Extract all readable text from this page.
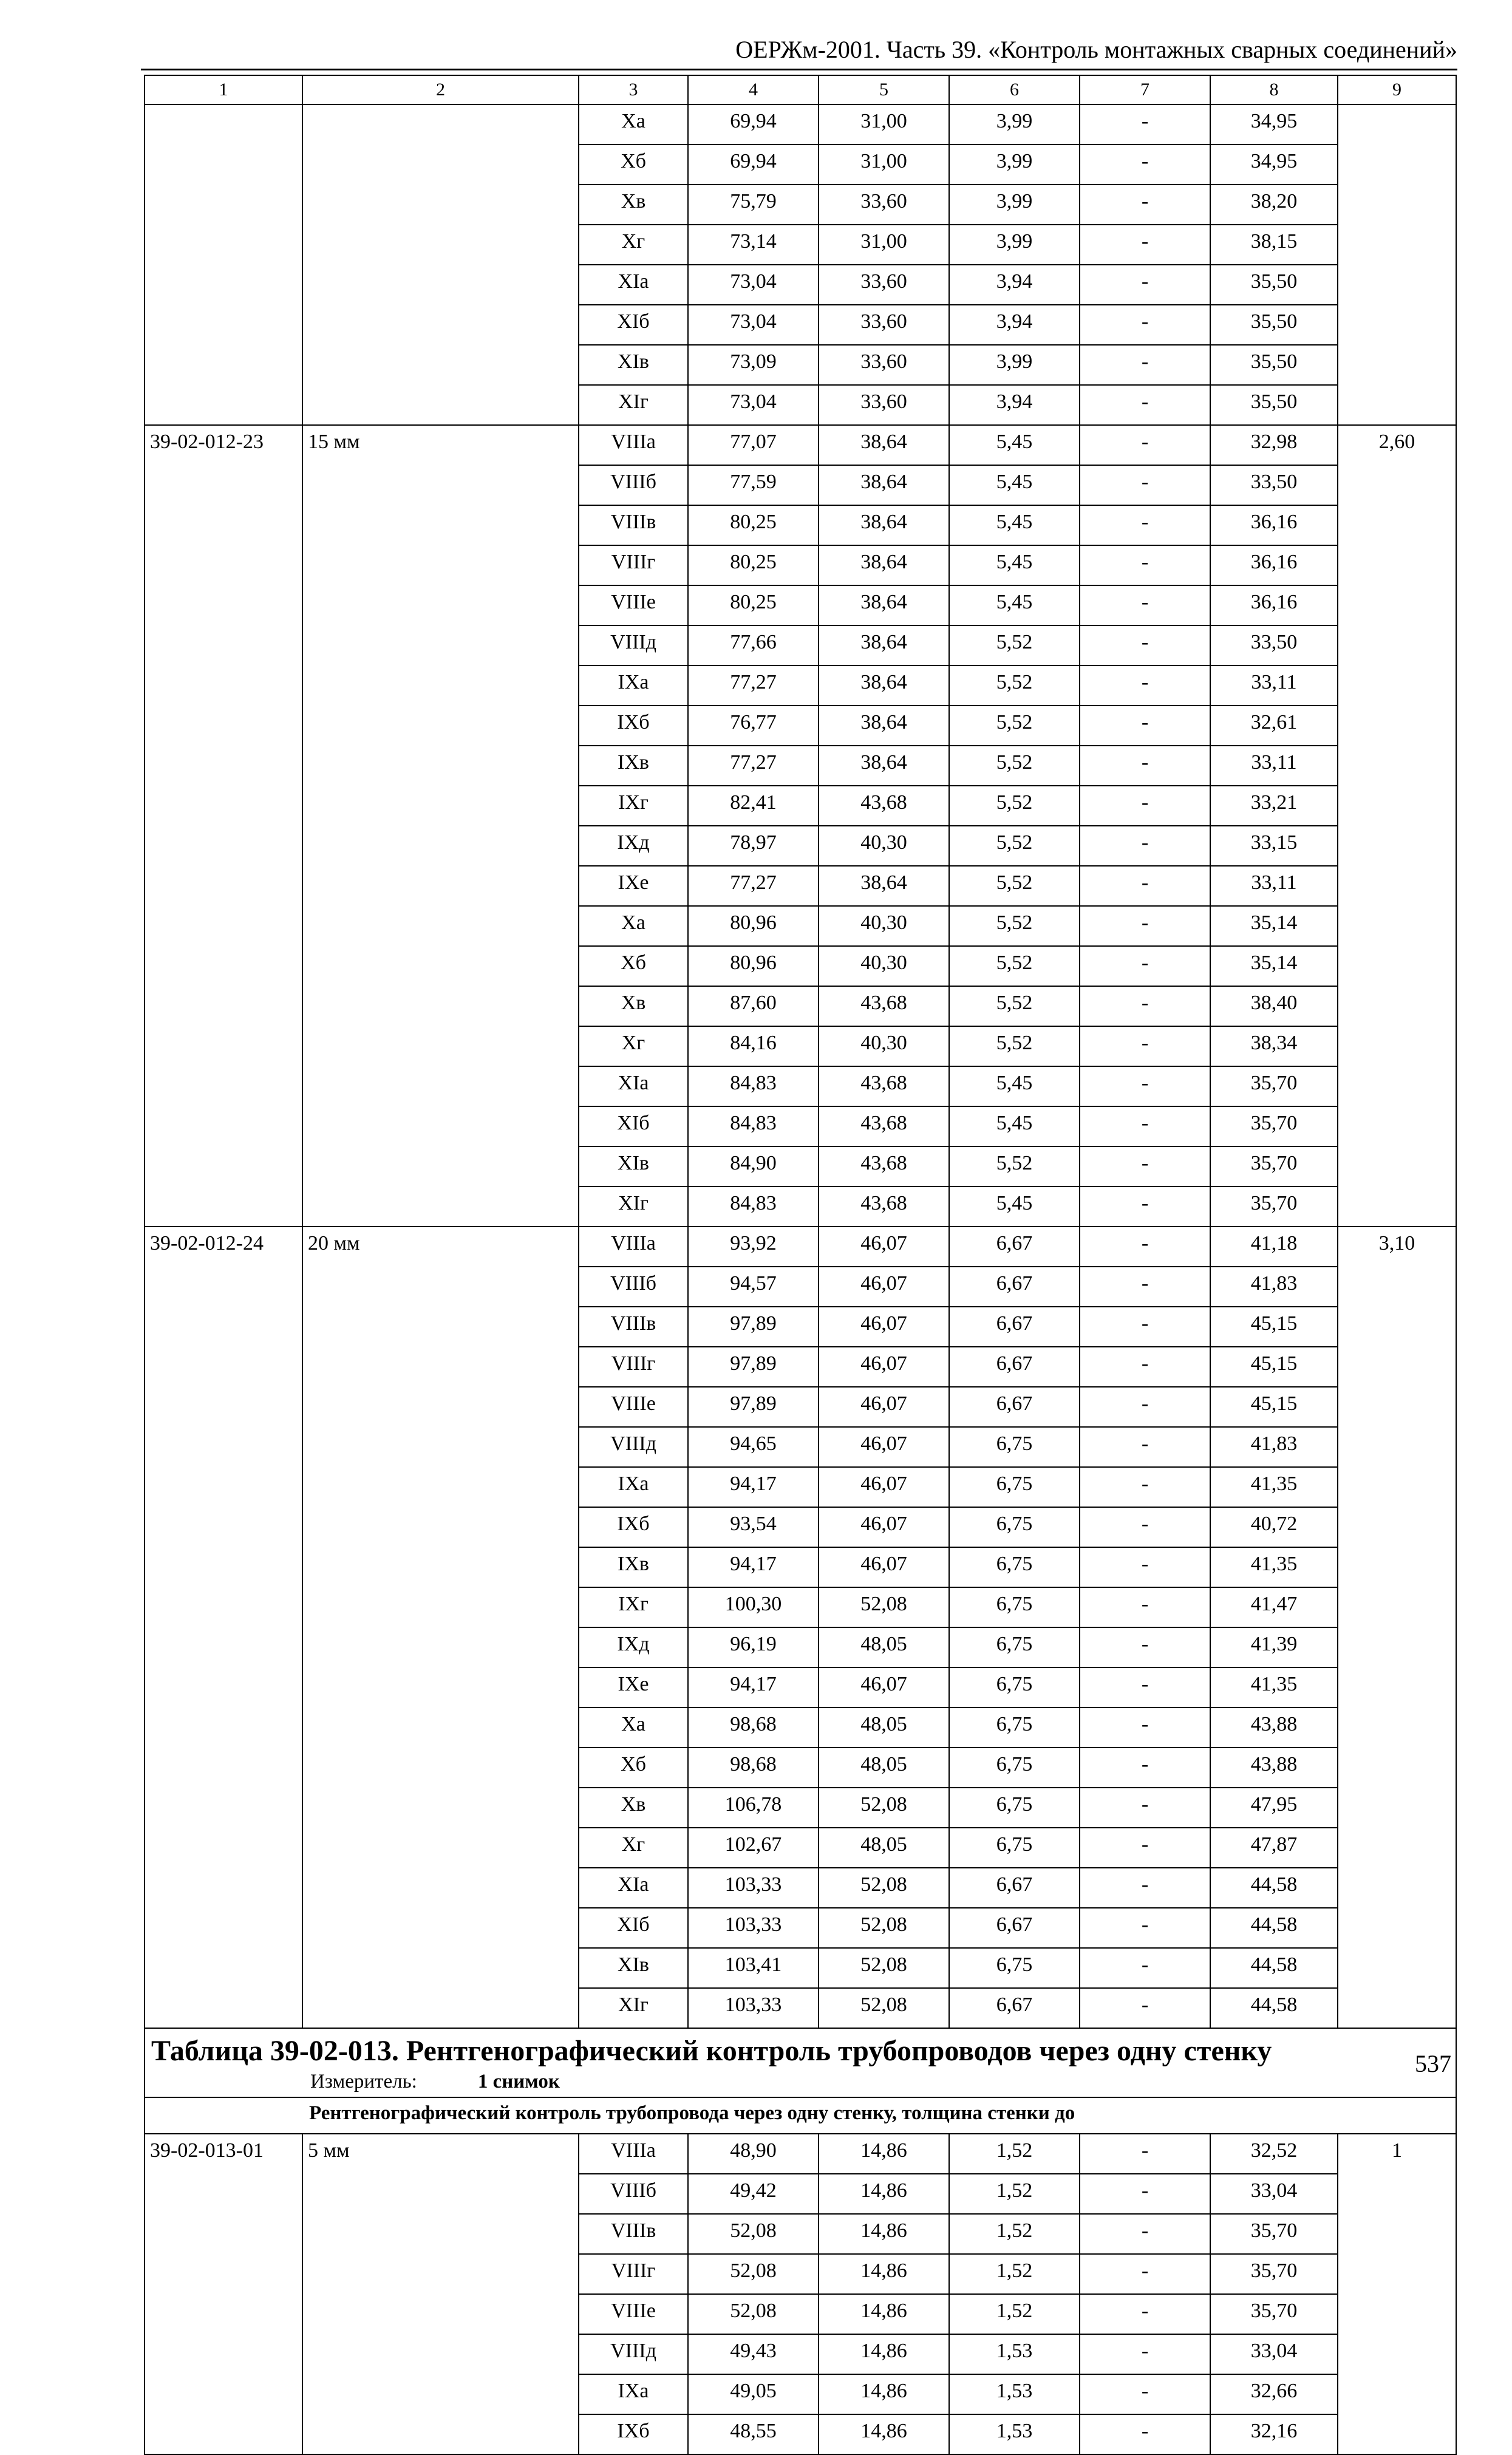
ОЕРЖм-2001. Часть 39. «Контроль монтажных сварных соединений»
1	2	3	4	5	6	7	8	9
		Xа	69,94	31,00	3,99	-	34,95	
		Xб	69,94	31,00	3,99	-	34,95	
		Xв	75,79	33,60	3,99	-	38,20	
		Xг	73,14	31,00	3,99	-	38,15	
		XIа	73,04	33,60	3,94	-	35,50	
		XIб	73,04	33,60	3,94	-	35,50	
		XIв	73,09	33,60	3,99	-	35,50	
		XIг	73,04	33,60	3,94	-	35,50	
39-02-012-23	15 мм	VIIIа	77,07	38,64	5,45	-	32,98	2,60
		VIIIб	77,59	38,64	5,45	-	33,50	
		VIIIв	80,25	38,64	5,45	-	36,16	
		VIIIг	80,25	38,64	5,45	-	36,16	
		VIIIе	80,25	38,64	5,45	-	36,16	
		VIIIд	77,66	38,64	5,52	-	33,50	
		IXа	77,27	38,64	5,52	-	33,11	
		IXб	76,77	38,64	5,52	-	32,61	
		IXв	77,27	38,64	5,52	-	33,11	
		IXг	82,41	43,68	5,52	-	33,21	
		IXд	78,97	40,30	5,52	-	33,15	
		IXе	77,27	38,64	5,52	-	33,11	
		Xа	80,96	40,30	5,52	-	35,14	
		Xб	80,96	40,30	5,52	-	35,14	
		Xв	87,60	43,68	5,52	-	38,40	
		Xг	84,16	40,30	5,52	-	38,34	
		XIа	84,83	43,68	5,45	-	35,70	
		XIб	84,83	43,68	5,45	-	35,70	
		XIв	84,90	43,68	5,52	-	35,70	
		XIг	84,83	43,68	5,45	-	35,70	
39-02-012-24	20 мм	VIIIа	93,92	46,07	6,67	-	41,18	3,10
		VIIIб	94,57	46,07	6,67	-	41,83	
		VIIIв	97,89	46,07	6,67	-	45,15	
		VIIIг	97,89	46,07	6,67	-	45,15	
		VIIIе	97,89	46,07	6,67	-	45,15	
		VIIIд	94,65	46,07	6,75	-	41,83	
		IXа	94,17	46,07	6,75	-	41,35	
		IXб	93,54	46,07	6,75	-	40,72	
		IXв	94,17	46,07	6,75	-	41,35	
		IXг	100,30	52,08	6,75	-	41,47	
		IXд	96,19	48,05	6,75	-	41,39	
		IXе	94,17	46,07	6,75	-	41,35	
		Xа	98,68	48,05	6,75	-	43,88	
		Xб	98,68	48,05	6,75	-	43,88	
		Xв	106,78	52,08	6,75	-	47,95	
		Xг	102,67	48,05	6,75	-	47,87	
		XIа	103,33	52,08	6,67	-	44,58	
		XIб	103,33	52,08	6,67	-	44,58	
		XIв	103,41	52,08	6,75	-	44,58	
		XIг	103,33	52,08	6,67	-	44,58	

Таблица 39-02-013. Рентгенографический контроль трубопроводов через одну стенку
Измеритель: 1 снимок								

Рентгенографический контроль трубопровода через одну стенку, толщина стенки до								
39-02-013-01	5 мм	VIIIа	48,90	14,86	1,52	-	32,52	1
		VIIIб	49,42	14,86	1,52	-	33,04	
		VIIIв	52,08	14,86	1,52	-	35,70	
		VIIIг	52,08	14,86	1,52	-	35,70	
		VIIIе	52,08	14,86	1,52	-	35,70	
		VIIIд	49,43	14,86	1,53	-	33,04	
		IXа	49,05	14,86	1,53	-	32,66	
		IXб	48,55	14,86	1,53	-	32,16	
537
